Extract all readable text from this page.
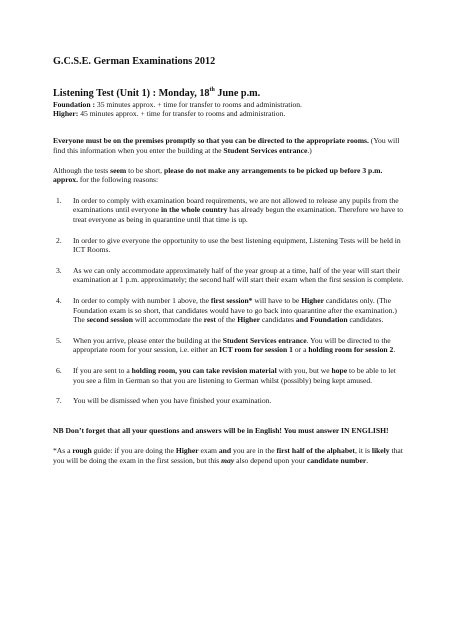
G.C.S.E. German Examinations 2012

Listening Test (Unit 1) : Monday, 18th June p.m.

Foundation : 35 minutes approx. + time for transfer to rooms and administration.

Higher: 45 minutes approx. + time for transfer to rooms and administration.

Everyone must be on the premises promptly so that you can be directed to the appropriate rooms. (You will find this information when you enter the building at the Student Services entrance.)

Although the tests seem to be short, please do not make any arrangements to be picked up before 3 p.m. approx. for the following reasons:

1. In order to comply with examination board requirements, we are not allowed to release any pupils from the examinations until everyone in the whole country has already begun the examination. Therefore we have to treat everyone as being in quarantine until that time is up.
2. In order to give everyone the opportunity to use the best listening equipment, Listening Tests will be held in ICT Rooms.
3. As we can only accommodate approximately half of the year group at a time, half of the year will start their examination at 1 p.m. approximately; the second half will start their exam when the first session is complete.
4. In order to comply with number 1 above, the first session* will have to be Higher candidates only. (The Foundation exam is so short, that candidates would have to go back into quarantine after the examination.) The second session will accommodate the rest of the Higher candidates and Foundation candidates.
5. When you arrive, please enter the building at the Student Services entrance. You will be directed to the appropriate room for your session, i.e. either an ICT room for session 1 or a holding room for session 2.
6. If you are sent to a holding room, you can take revision material with you, but we hope to be able to let you see a film in German so that you are listening to German whilst (possibly) being kept amused.
7. You will be dismissed when you have finished your examination.

NB Don’t forget that all your questions and answers will be in English! You must answer IN ENGLISH!

*As a rough guide: if you are doing the Higher exam and you are in the first half of the alphabet, it is likely that you will be doing the exam in the first session, but this may also depend upon your candidate number.
